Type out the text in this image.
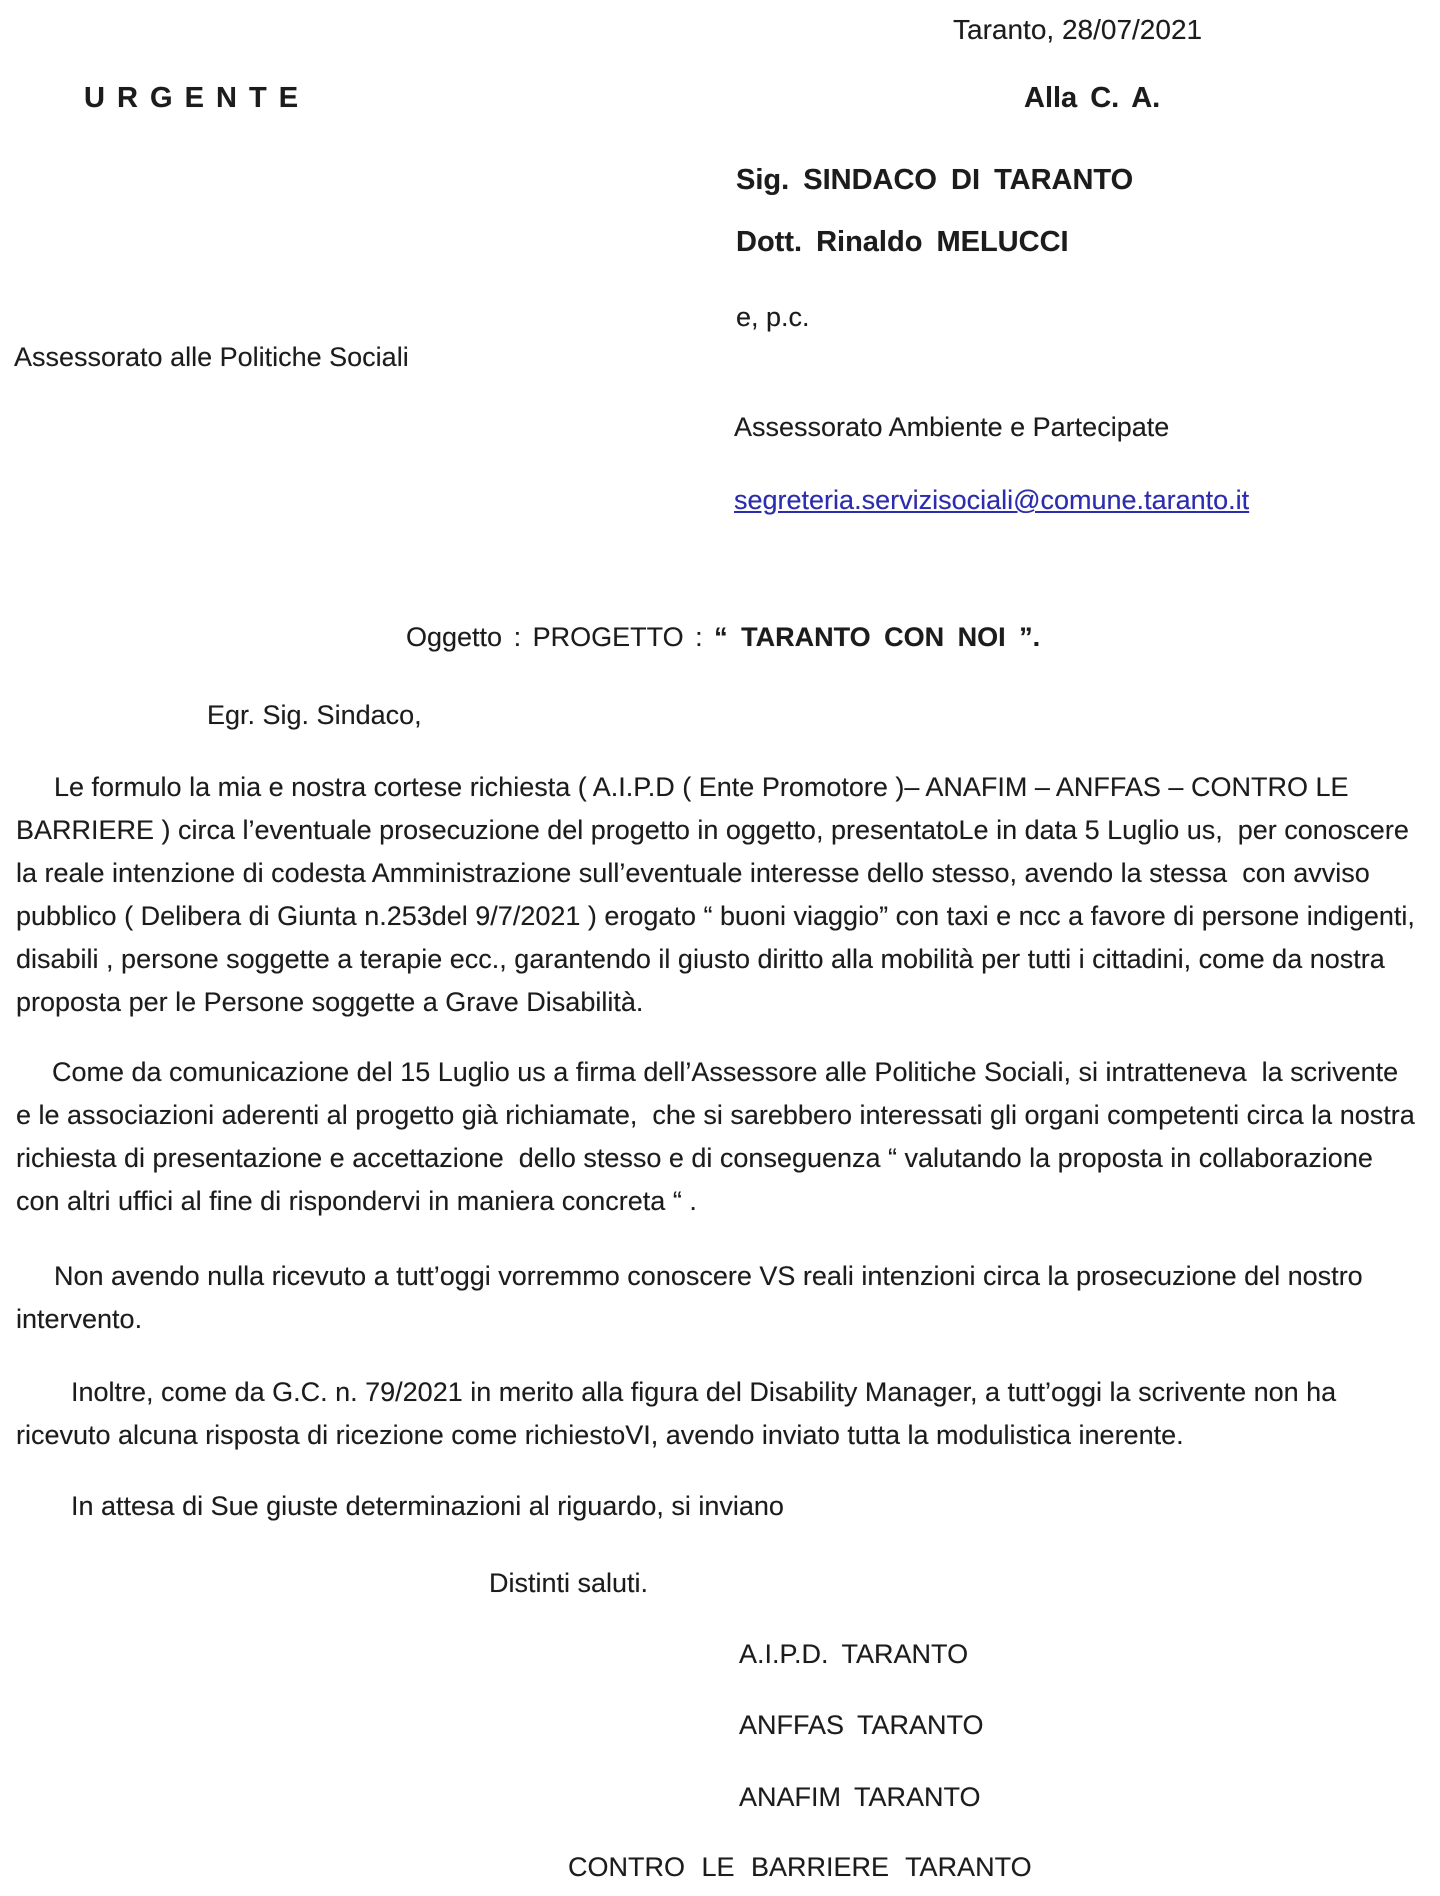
Taranto, 28/07/2021
U R G E N T E	Alla C. A.
Sig. SINDACO DI TARANTO
Dott. Rinaldo MELUCCI
e, p.c.
Assessorato alle Politiche Sociali
Assessorato Ambiente e Partecipate
segreteria.servizisociali@comune.taranto.it
Oggetto : PROGETTO : “ TARANTO CON NOI ”.
Egr. Sig. Sindaco,
Le formulo la mia e nostra cortese richiesta ( A.I.P.D ( Ente Promotore )– ANAFIM – ANFFAS – CONTRO LE BARRIERE ) circa l’eventuale prosecuzione del progetto in oggetto, presentatoLe in data 5 Luglio us,  per conoscere la reale intenzione di codesta Amministrazione sull’eventuale interesse dello stesso, avendo la stessa  con avviso pubblico ( Delibera di Giunta n.253del 9/7/2021 ) erogato “ buoni viaggio” con taxi e ncc a favore di persone indigenti, disabili , persone soggette a terapie ecc., garantendo il giusto diritto alla mobilità per tutti i cittadini, come da nostra proposta per le Persone soggette a Grave Disabilità.
Come da comunicazione del 15 Luglio us a firma dell’Assessore alle Politiche Sociali, si intratteneva  la scrivente e le associazioni aderenti al progetto già richiamate,  che si sarebbero interessati gli organi competenti circa la nostra richiesta di presentazione e accettazione  dello stesso e di conseguenza “ valutando la proposta in collaborazione con altri uffici al fine di rispondervi in maniera concreta “ .
Non avendo nulla ricevuto a tutt’oggi vorremmo conoscere VS reali intenzioni circa la prosecuzione del nostro intervento.
Inoltre, come da G.C. n. 79/2021 in merito alla figura del Disability Manager, a tutt’oggi la scrivente non ha ricevuto alcuna risposta di ricezione come richiestoVI, avendo inviato tutta la modulistica inerente.
In attesa di Sue giuste determinazioni al riguardo, si inviano
Distinti saluti.
A.I.P.D. TARANTO
ANFFAS TARANTO
ANAFIM TARANTO
CONTRO LE BARRIERE TARANTO
